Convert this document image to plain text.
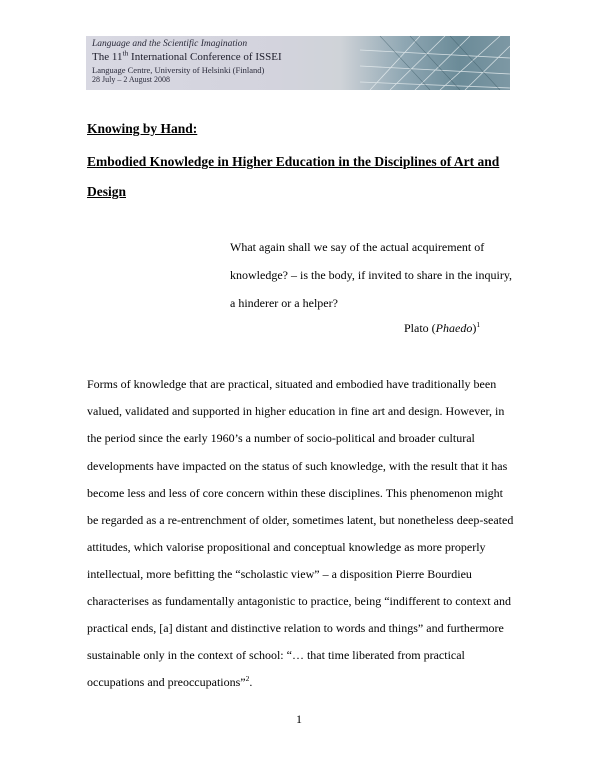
Language and the Scientific Imagination
The 11th International Conference of ISSEI
Language Centre, University of Helsinki (Finland)
28 July – 2 August 2008
Knowing by Hand:
Embodied Knowledge in Higher Education in the Disciplines of Art and
Design
What again shall we say of the actual acquirement of
knowledge? – is the body, if invited to share in the inquiry,
a hinderer or a helper?
Plato (Phaedo)$^1$
Forms of knowledge that are practical, situated and embodied have traditionally been
valued, validated and supported in higher education in fine art and design. However, in
the period since the early 1960’s a number of socio-political and broader cultural
developments have impacted on the status of such knowledge, with the result that it has
become less and less of core concern within these disciplines. This phenomenon might
be regarded as a re-entrenchment of older, sometimes latent, but nonetheless deep-seated
attitudes, which valorise propositional and conceptual knowledge as more properly
intellectual, more befitting the “scholastic view” – a disposition Pierre Bourdieu
characterises as fundamentally antagonistic to practice, being “indifferent to context and
practical ends, [a] distant and distinctive relation to words and things” and furthermore
sustainable only in the context of school: “… that time liberated from practical
occupations and preoccupations”$^2$.
1
